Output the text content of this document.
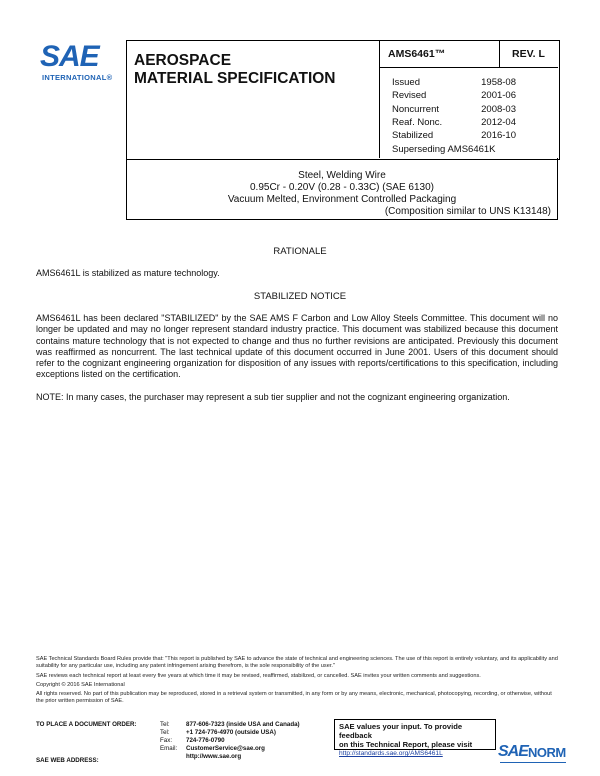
SAE
INTERNATIONAL®
AEROSPACE
MATERIAL SPECIFICATION
AMS6461™	REV. L
Issued	1958-08
Revised	2001-06
Noncurrent	2008-03
Reaf. Nonc.	2012-04
Stabilized	2016-10
Superseding AMS6461K
Steel, Welding Wire
0.95Cr - 0.20V (0.28 - 0.33C) (SAE 6130)
Vacuum Melted, Environment Controlled Packaging
(Composition similar to UNS K13148)
RATIONALE
AMS6461L is stabilized as mature technology.
STABILIZED NOTICE
AMS6461L has been declared "STABILIZED" by the SAE AMS F Carbon and Low Alloy Steels Committee. This document will no longer be updated and may no longer represent standard industry practice. This document was stabilized because this document contains mature technology that is not expected to change and thus no further revisions are anticipated. Previously this document was reaffirmed as noncurrent. The last technical update of this document occurred in June 2001. Users of this document should refer to the cognizant engineering organization for disposition of any issues with reports/certifications to this specification, including exceptions listed on the certification.
NOTE: In many cases, the purchaser may represent a sub tier supplier and not the cognizant engineering organization.

SAE Technical Standards Board Rules provide that: "This report is published by SAE to advance the state of technical and engineering sciences. The use of this report is entirely voluntary, and its applicability and suitability for any particular use, including any patent infringement arising therefrom, is the sole responsibility of the user."

SAE reviews each technical report at least every five years at which time it may be revised, reaffirmed, stabilized, or cancelled. SAE invites your written comments and suggestions.

Copyright © 2016 SAE International

All rights reserved. No part of this publication may be reproduced, stored in a retrieval system or transmitted, in any form or by any means, electronic, mechanical, photocopying, recording, or otherwise, without the prior written permission of SAE.

TO PLACE A DOCUMENT ORDER:
SAE WEB ADDRESS:
Tel:	877-606-7323 (inside USA and Canada)
Tel:	+1 724-776-4970 (outside USA)
Fax:	724-776-0790
Email:	CustomerService@sae.org
http://www.sae.org
SAE values your input. To provide feedback
on this Technical Report, please visit
http://standards.sae.org/AMS6461L	SAE NORM
